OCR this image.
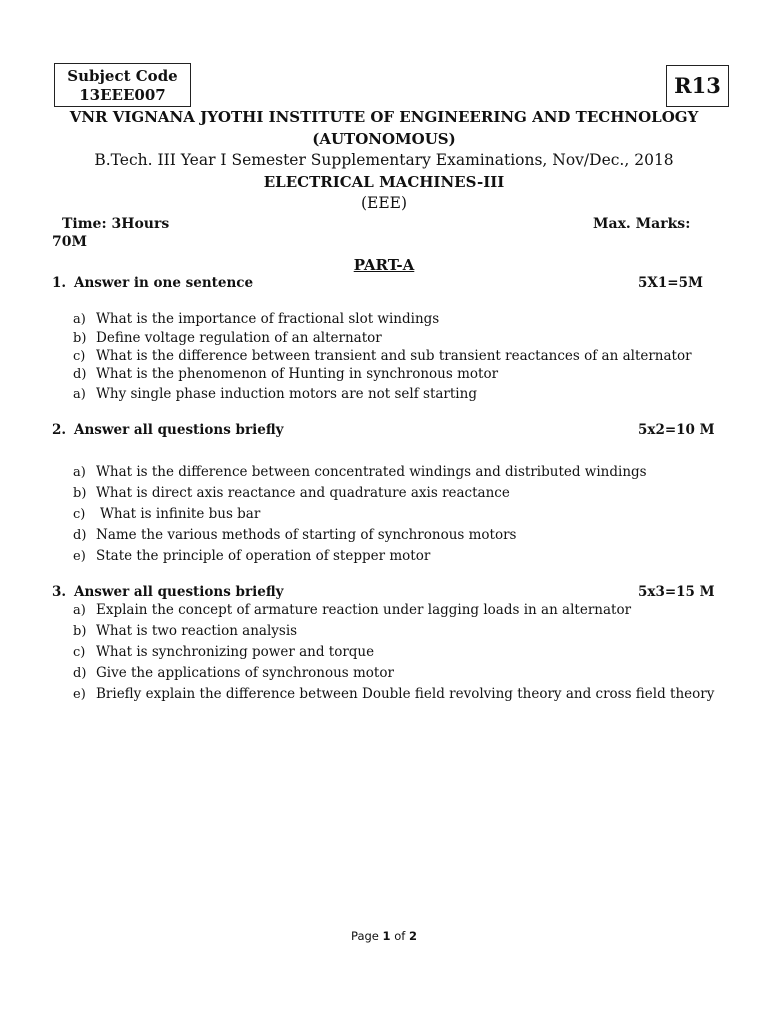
Subject Code
13EEE007	R13
VNR VIGNANA JYOTHI INSTITUTE OF ENGINEERING AND TECHNOLOGY
(AUTONOMOUS)
B.Tech. III Year I Semester Supplementary Examinations, Nov/Dec., 2018
ELECTRICAL MACHINES-III
(EEE)
Time: 3Hours	Max. Marks:
70M
PART-A
1. Answer in one sentence	5X1=5M
a) What is the importance of fractional slot windings
b) Define voltage regulation of an alternator
c) What is the difference between transient and sub transient reactances of an alternator
d) What is the phenomenon of Hunting in synchronous motor
a) Why single phase induction motors are not self starting
2. Answer all questions briefly	5x2=10 M
a) What is the difference between concentrated windings and distributed windings
b) What is direct axis reactance and quadrature axis reactance
c) What is infinite bus bar
d) Name the various methods of starting of synchronous motors
e) State the principle of operation of stepper motor
3. Answer all questions briefly	5x3=15 M
a) Explain the concept of armature reaction under lagging loads in an alternator
b) What is two reaction analysis
c) What is synchronizing power and torque
d) Give the applications of synchronous motor
e) Briefly explain the difference between Double field revolving theory and cross field theory
Page 1 of 2
